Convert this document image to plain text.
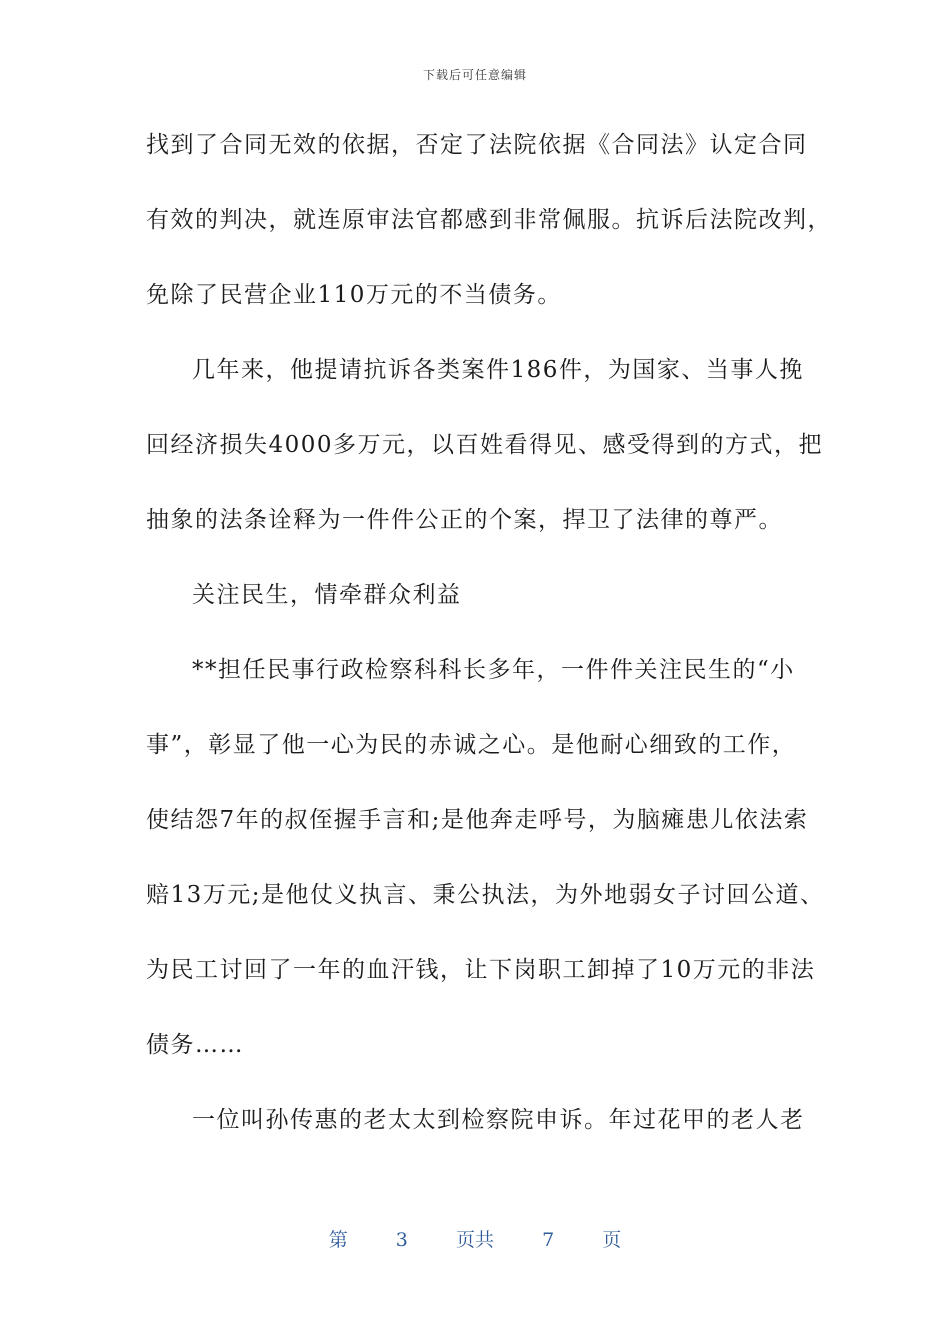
下载后可任意编辑
找到了合同无效的依据，否定了法院依据《合同法》认定合同
有效的判决，就连原审法官都感到非常佩服。抗诉后法院改判，
免除了民营企业110万元的不当债务。
几年来，他提请抗诉各类案件186件，为国家、当事人挽
回经济损失4000多万元，以百姓看得见、感受得到的方式，把
抽象的法条诠释为一件件公正的个案，捍卫了法律的尊严。
关注民生，情牵群众利益
**担任民事行政检察科科长多年，一件件关注民生的“小
事”，彰显了他一心为民的赤诚之心。是他耐心细致的工作，
使结怨7年的叔侄握手言和;是他奔走呼号，为脑瘫患儿依法索
赔13万元;是他仗义执言、秉公执法，为外地弱女子讨回公道、
为民工讨回了一年的血汗钱，让下岗职工卸掉了10万元的非法
债务……
一位叫孙传惠的老太太到检察院申诉。年过花甲的老人老
第	3	页共	7	页
